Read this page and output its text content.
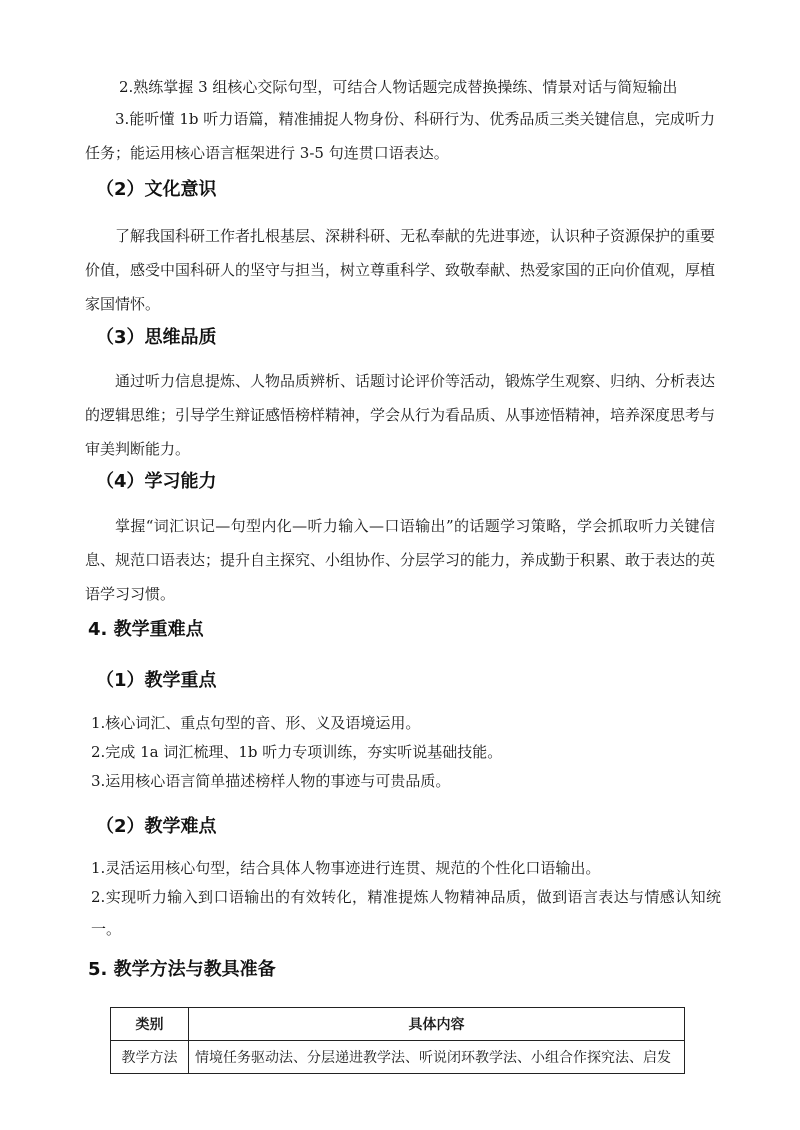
2.熟练掌握 3 组核心交际句型，可结合人物话题完成替换操练、情景对话与简短输出
3.能听懂 1b 听力语篇，精准捕捉人物身份、科研行为、优秀品质三类关键信息，完成听力任务；能运用核心语言框架进行 3-5 句连贯口语表达。
（2）文化意识
了解我国科研工作者扎根基层、深耕科研、无私奉献的先进事迹，认识种子资源保护的重要价值，感受中国科研人的坚守与担当，树立尊重科学、致敬奉献、热爱家国的正向价值观，厚植家国情怀。
（3）思维品质
通过听力信息提炼、人物品质辨析、话题讨论评价等活动，锻炼学生观察、归纳、分析表达的逻辑思维；引导学生辩证感悟榜样精神，学会从行为看品质、从事迹悟精神，培养深度思考与审美判断能力。
（4）学习能力
掌握“词汇识记—句型内化—听力输入—口语输出”的话题学习策略，学会抓取听力关键信息、规范口语表达；提升自主探究、小组协作、分层学习的能力，养成勤于积累、敢于表达的英语学习习惯。
4. 教学重难点
（1）教学重点
1.核心词汇、重点句型的音、形、义及语境运用。
2.完成 1a 词汇梳理、1b 听力专项训练，夯实听说基础技能。
3.运用核心语言简单描述榜样人物的事迹与可贵品质。
（2）教学难点
1.灵活运用核心句型，结合具体人物事迹进行连贯、规范的个性化口语输出。
2.实现听力输入到口语输出的有效转化，精准提炼人物精神品质，做到语言表达与情感认知统一。
5. 教学方法与教具准备
类别	具体内容
教学方法	情境任务驱动法、分层递进教学法、听说闭环教学法、小组合作探究法、启发
